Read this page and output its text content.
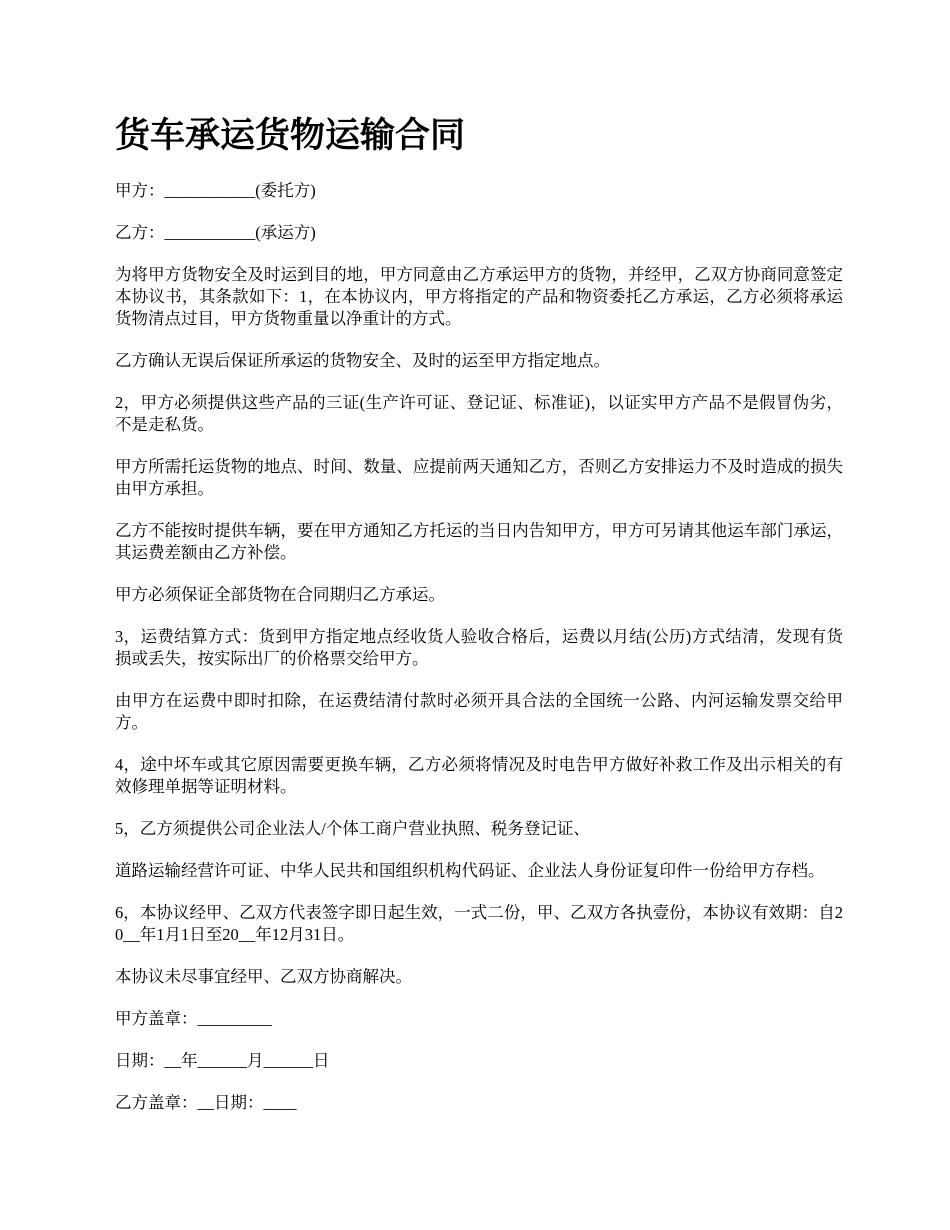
货车承运货物运输合同

甲方：___________(委托方)

乙方：___________(承运方)

为将甲方货物安全及时运到目的地，甲方同意由乙方承运甲方的货物，并经甲，乙双方协商同意签定本协议书，其条款如下：1，在本协议内，甲方将指定的产品和物资委托乙方承运，乙方必须将承运货物清点过目，甲方货物重量以净重计的方式。

乙方确认无误后保证所承运的货物安全、及时的运至甲方指定地点。

2，甲方必须提供这些产品的三证(生产许可证、登记证、标准证)，以证实甲方产品不是假冒伪劣，不是走私货。

甲方所需托运货物的地点、时间、数量、应提前两天通知乙方，否则乙方安排运力不及时造成的损失由甲方承担。

乙方不能按时提供车辆，要在甲方通知乙方托运的当日内告知甲方，甲方可另请其他运车部门承运，其运费差额由乙方补偿。

甲方必须保证全部货物在合同期归乙方承运。

3，运费结算方式：货到甲方指定地点经收货人验收合格后，运费以月结(公历)方式结清，发现有货损或丢失，按实际出厂的价格票交给甲方。

由甲方在运费中即时扣除，在运费结清付款时必须开具合法的全国统一公路、内河运输发票交给甲方。

4，途中坏车或其它原因需要更换车辆，乙方必须将情况及时电告甲方做好补救工作及出示相关的有效修理单据等证明材料。

5，乙方须提供公司企业法人/个体工商户营业执照、税务登记证、

道路运输经营许可证、中华人民共和国组织机构代码证、企业法人身份证复印件一份给甲方存档。

6，本协议经甲、乙双方代表签字即日起生效，一式二份，甲、乙双方各执壹份，本协议有效期：自20__年1月1日至20__年12月31日。

本协议未尽事宜经甲、乙双方协商解决。

甲方盖章：_________

日期：__年______月______日

乙方盖章：__日期：____
